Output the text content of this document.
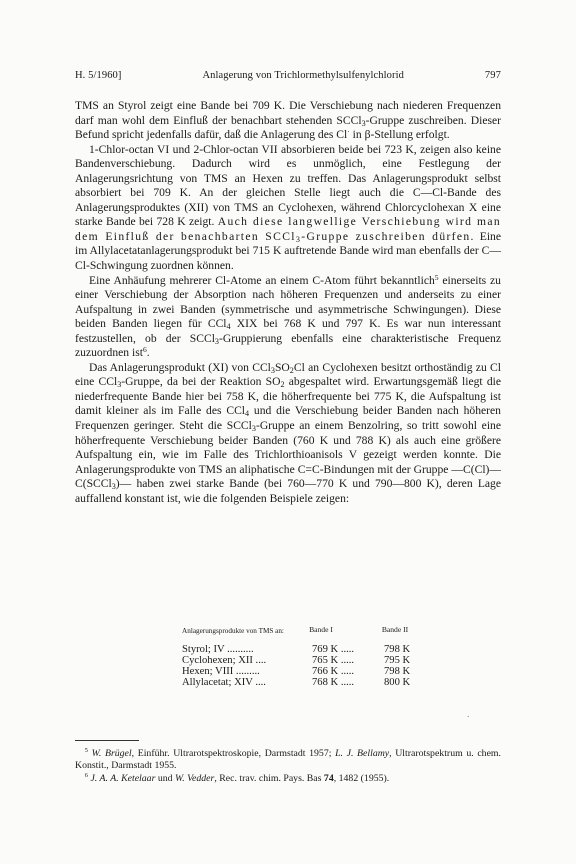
H. 5/1960]	Anlagerung von Trichlormethylsulfenylchlorid	797

TMS an Styrol zeigt eine Bande bei 709 K. Die Verschiebung nach niederen Frequenzen darf man wohl dem Einfluß der benachbart stehenden SCCl$_3$-Gruppe zuschreiben. Dieser Befund spricht jedenfalls dafür, daß die Anlagerung des Cl· in β-Stellung erfolgt.

1-Chlor-octan VI und 2-Chlor-octan VII absorbieren beide bei 723 K, zeigen also keine Bandenverschiebung. Dadurch wird es unmöglich, eine Festlegung der Anlagerungsrichtung von TMS an Hexen zu treffen. Das Anlagerungsprodukt selbst absorbiert bei 709 K. An der gleichen Stelle liegt auch die C—Cl-Bande des Anlagerungsproduktes (XII) von TMS an Cyclohexen, während Chlorcyclohexan X eine starke Bande bei 728 K zeigt. Auch diese langwellige Verschiebung wird man dem Einfluß der benachbarten SCCl$_3$-Gruppe zuschreiben dürfen. Eine im Allylacetatanlagerungsprodukt bei 715 K auftretende Bande wird man ebenfalls der C—Cl-Schwingung zuordnen können.

Eine Anhäufung mehrerer Cl-Atome an einem C-Atom führt bekanntlich$^5$ einerseits zu einer Verschiebung der Absorption nach höheren Frequenzen und anderseits zu einer Aufspaltung in zwei Banden (symmetrische und asymmetrische Schwingungen). Diese beiden Banden liegen für CCl$_4$ XIX bei 768 K und 797 K. Es war nun interessant festzustellen, ob der SCCl$_3$-Gruppierung ebenfalls eine charakteristische Frequenz zuzuordnen ist$^6$.

Das Anlagerungsprodukt (XI) von $CCl_3SO_2Cl$ an Cyclohexen besitzt orthoständig zu Cl eine CCl$_3$-Gruppe, da bei der Reaktion $SO_2$ abgespaltet wird. Erwartungsgemäß liegt die niederfrequente Bande hier bei 758 K, die höherfrequente bei 775 K, die Aufspaltung ist damit kleiner als im Falle des CCl$_4$ und die Verschiebung beider Banden nach höheren Frequenzen geringer. Steht die SCCl$_3$-Gruppe an einem Benzolring, so tritt sowohl eine höherfrequente Verschiebung beider Banden (760 K und 788 K) als auch eine größere Aufspaltung ein, wie im Falle des Trichlorthioanisols V gezeigt werden konnte. Die Anlagerungsprodukte von TMS an aliphatische C=C-Bindungen mit der Gruppe —C(Cl)—C(SCCl$_3$)— haben zwei starke Bande (bei 760—770 K und 790—800 K), deren Lage auffallend konstant ist, wie die folgenden Beispiele zeigen:

Anlagerungsprodukte von TMS an:	Bande I	Bande II
Styrol; IV ..........	769 K .....	798 K
Cyclohexen; XII ....	765 K .....	795 K
Hexen; VIII .........	766 K .....	798 K
Allylacetat; XIV ....	768 K .....	800 K
·

 $^5$ W. Brügel, Einführ. Ultrarotspektroskopie, Darmstadt 1957; L. J. Bellamy, Ultrarotspektrum u. chem. Konstit., Darmstadt 1955.

 $^6$ J. A. A. Ketelaar und W. Vedder, Rec. trav. chim. Pays. Bas 74, 1482 (1955).
